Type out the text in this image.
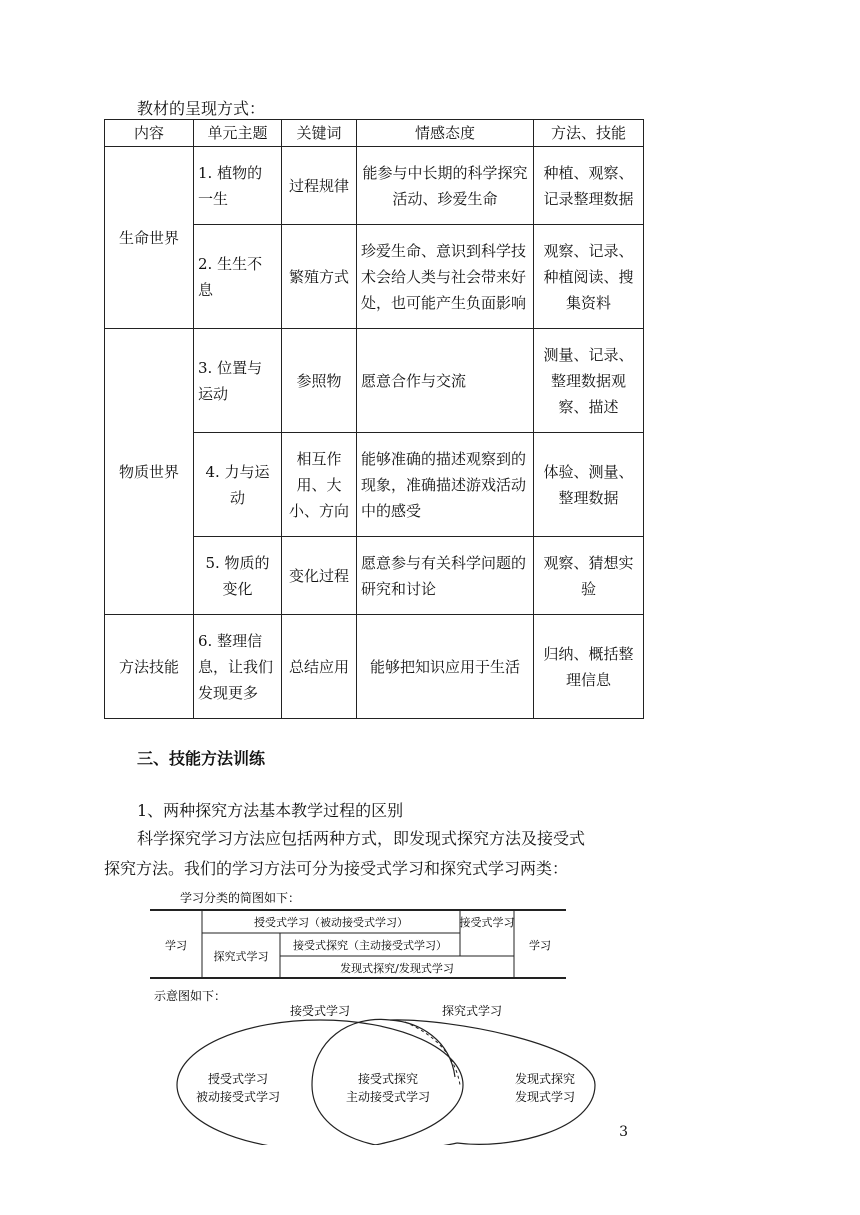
教材的呈现方式：
内容	单元主题	关键词	情感态度	方法、技能
生命世界	1. 植物的一生	过程规律	能参与中长期的科学探究活动、珍爱生命	种植、观察、记录整理数据
	2. 生生不息	繁殖方式	珍爱生命、意识到科学技术会给人类与社会带来好处，也可能产生负面影响	观察、记录、种植阅读、搜集资料
物质世界	3. 位置与运动	参照物	愿意合作与交流	测量、记录、整理数据观察、描述
	4. 力与运动	相互作用、大小、方向	能够准确的描述观察到的现象，准确描述游戏活动中的感受	体验、测量、整理数据
	5. 物质的变化	变化过程	愿意参与有关科学问题的研究和讨论	观察、猜想实验
方法技能	6. 整理信息，让我们发现更多	总结应用	能够把知识应用于生活	归纳、概括整理信息
三、技能方法训练
1、两种探究方法基本教学过程的区别
科学探究学习方法应包括两种方式，即发现式探究方法及接受式
探究方法。我们的学习方法可分为接受式学习和探究式学习两类：
学习分类的简图如下：
学习	学习
授受式学习（被动接受式学习）
探究式学习
接受式探究（主动接受式学习）
发现式探究/发现式学习
接受式学习
示意图如下：
接受式学习	探究式学习
授受式学习
被动接受式学习
接受式探究
主动接受式学习
发现式探究
发现式学习
3
